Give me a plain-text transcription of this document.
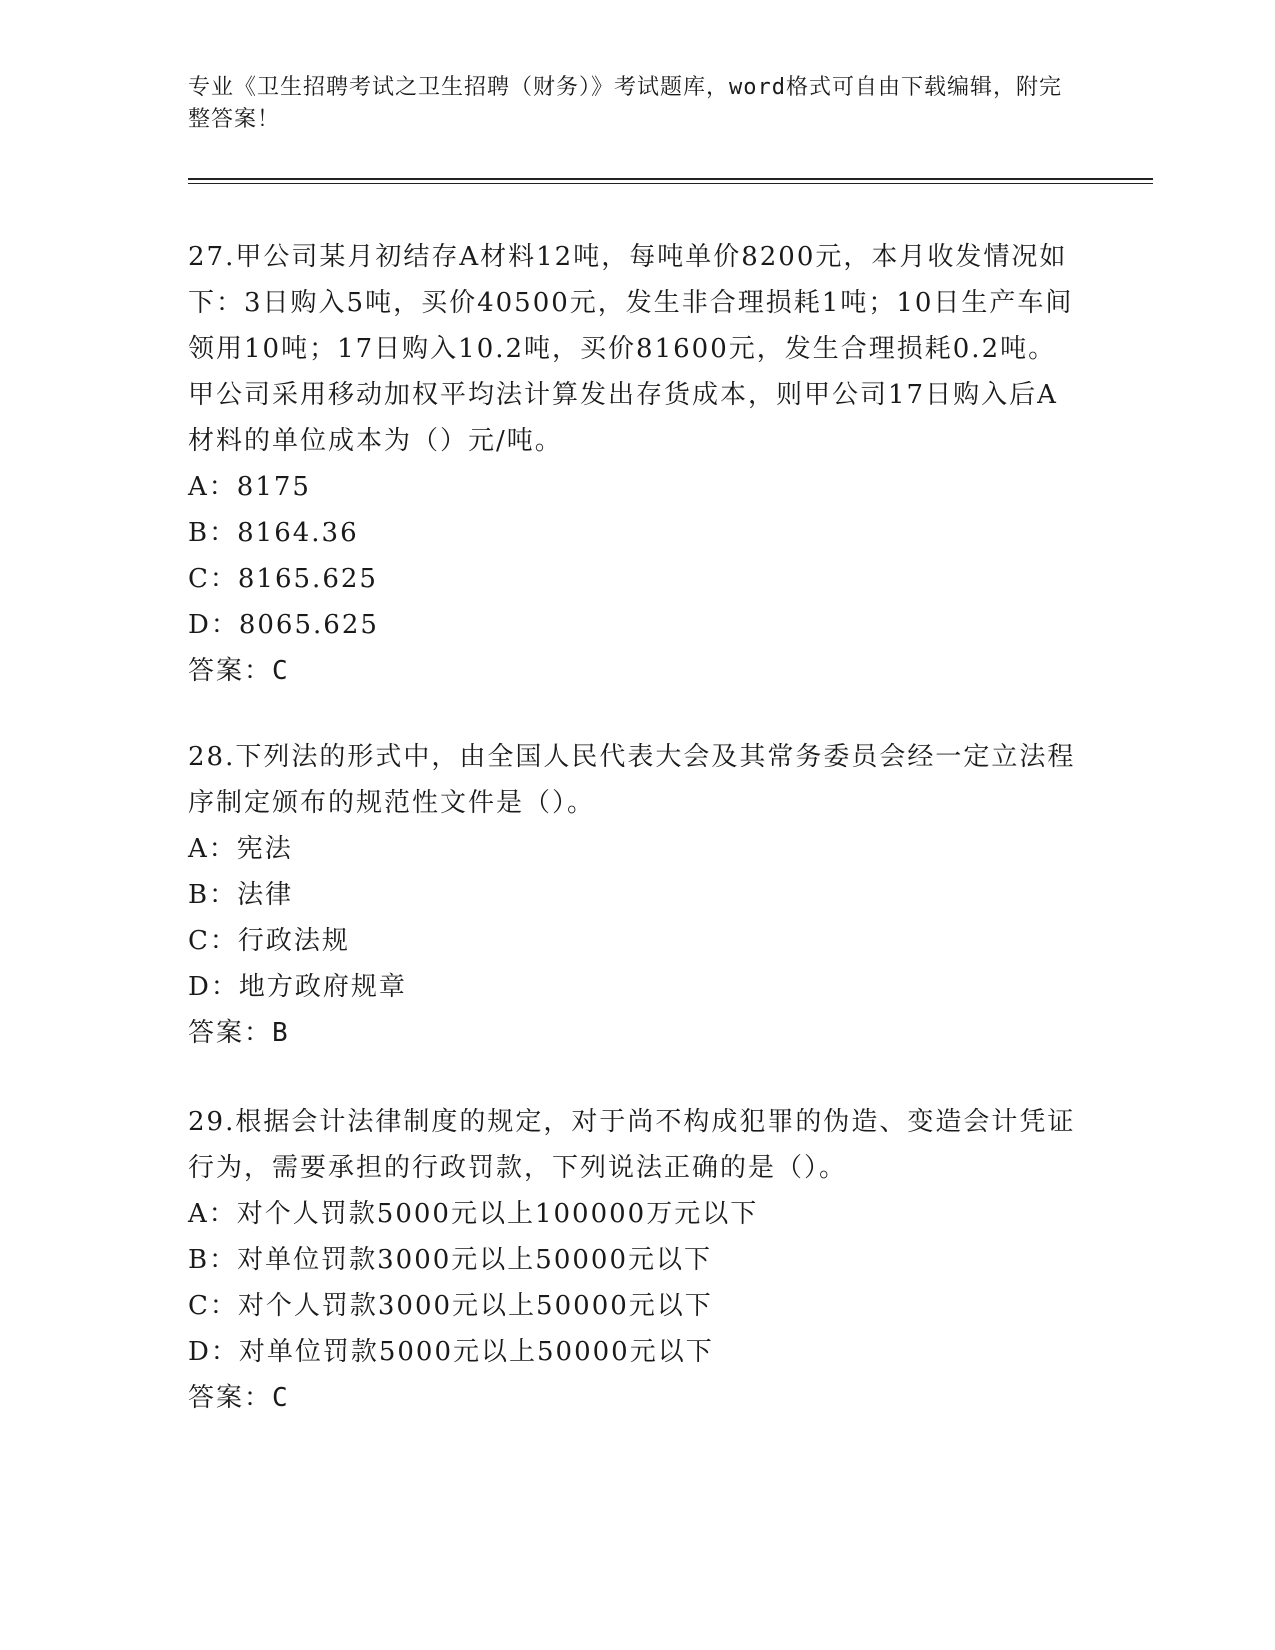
专业《卫生招聘考试之卫生招聘（财务）》考试题库，word格式可自由下载编辑，附完整答案！

27.甲公司某月初结存A材料12吨，每吨单价8200元，本月收发情况如下：3日购入5吨，买价40500元，发生非合理损耗1吨；10日生产车间领用10吨；17日购入10.2吨，买价81600元，发生合理损耗0.2吨。甲公司采用移动加权平均法计算发出存货成本，则甲公司17日购入后A材料的单位成本为（）元/吨。

A：8175

B：8164.36

C：8165.625

D：8065.625

答案：C

28.下列法的形式中，由全国人民代表大会及其常务委员会经一定立法程序制定颁布的规范性文件是（）。

A：宪法

B：法律

C：行政法规

D：地方政府规章

答案：B

29.根据会计法律制度的规定，对于尚不构成犯罪的伪造、变造会计凭证行为，需要承担的行政罚款，下列说法正确的是（）。

A：对个人罚款5000元以上100000万元以下

B：对单位罚款3000元以上50000元以下

C：对个人罚款3000元以上50000元以下

D：对单位罚款5000元以上50000元以下

答案：C
